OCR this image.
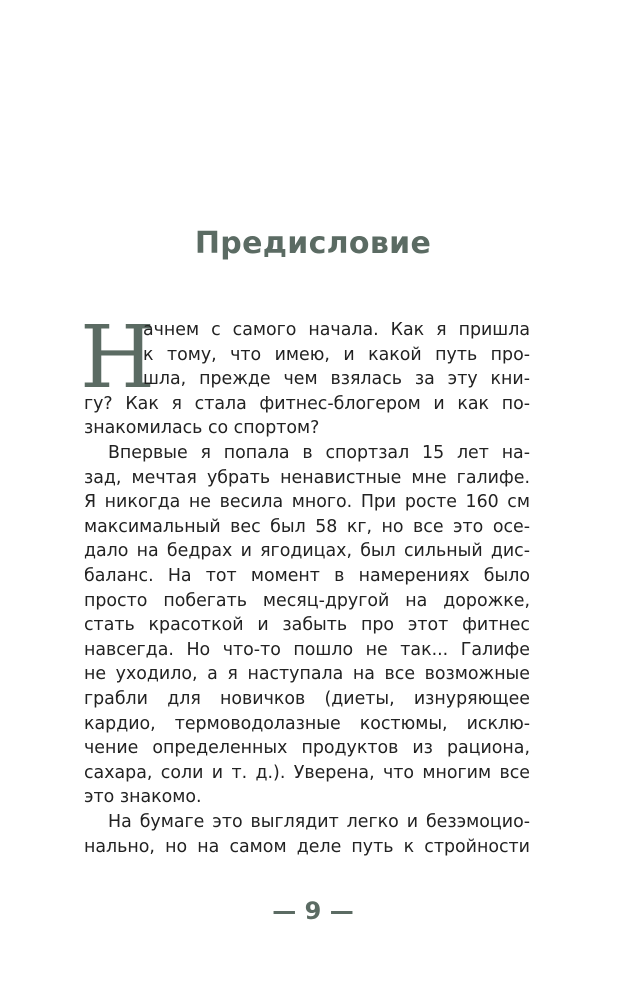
Предисловие
Н
ачнем с самого начала. Как я пришла
к тому, что имею, и какой путь про-
шла, прежде чем взялась за эту кни-
гу? Как я стала фитнес-блогером и как по-
знакомилась со спортом?
Впервые я попала в спортзал 15 лет на-
зад, мечтая убрать ненавистные мне галифе.
Я никогда не весила много. При росте 160 см
максимальный вес был 58 кг, но все это осе-
дало на бедрах и ягодицах, был сильный дис-
баланс. На тот момент в намерениях было
просто побегать месяц-другой на дорожке,
стать красоткой и забыть про этот фитнес
навсегда. Но что-то пошло не так... Галифе
не уходило, а я наступала на все возможные
грабли для новичков (диеты, изнуряющее
кардио, термоводолазные костюмы, исклю-
чение определенных продуктов из рациона,
сахара, соли и т. д.). Уверена, что многим все
это знакомо.
На бумаге это выглядит легко и безэмоцио-
нально, но на самом деле путь к стройности
— 9 —
